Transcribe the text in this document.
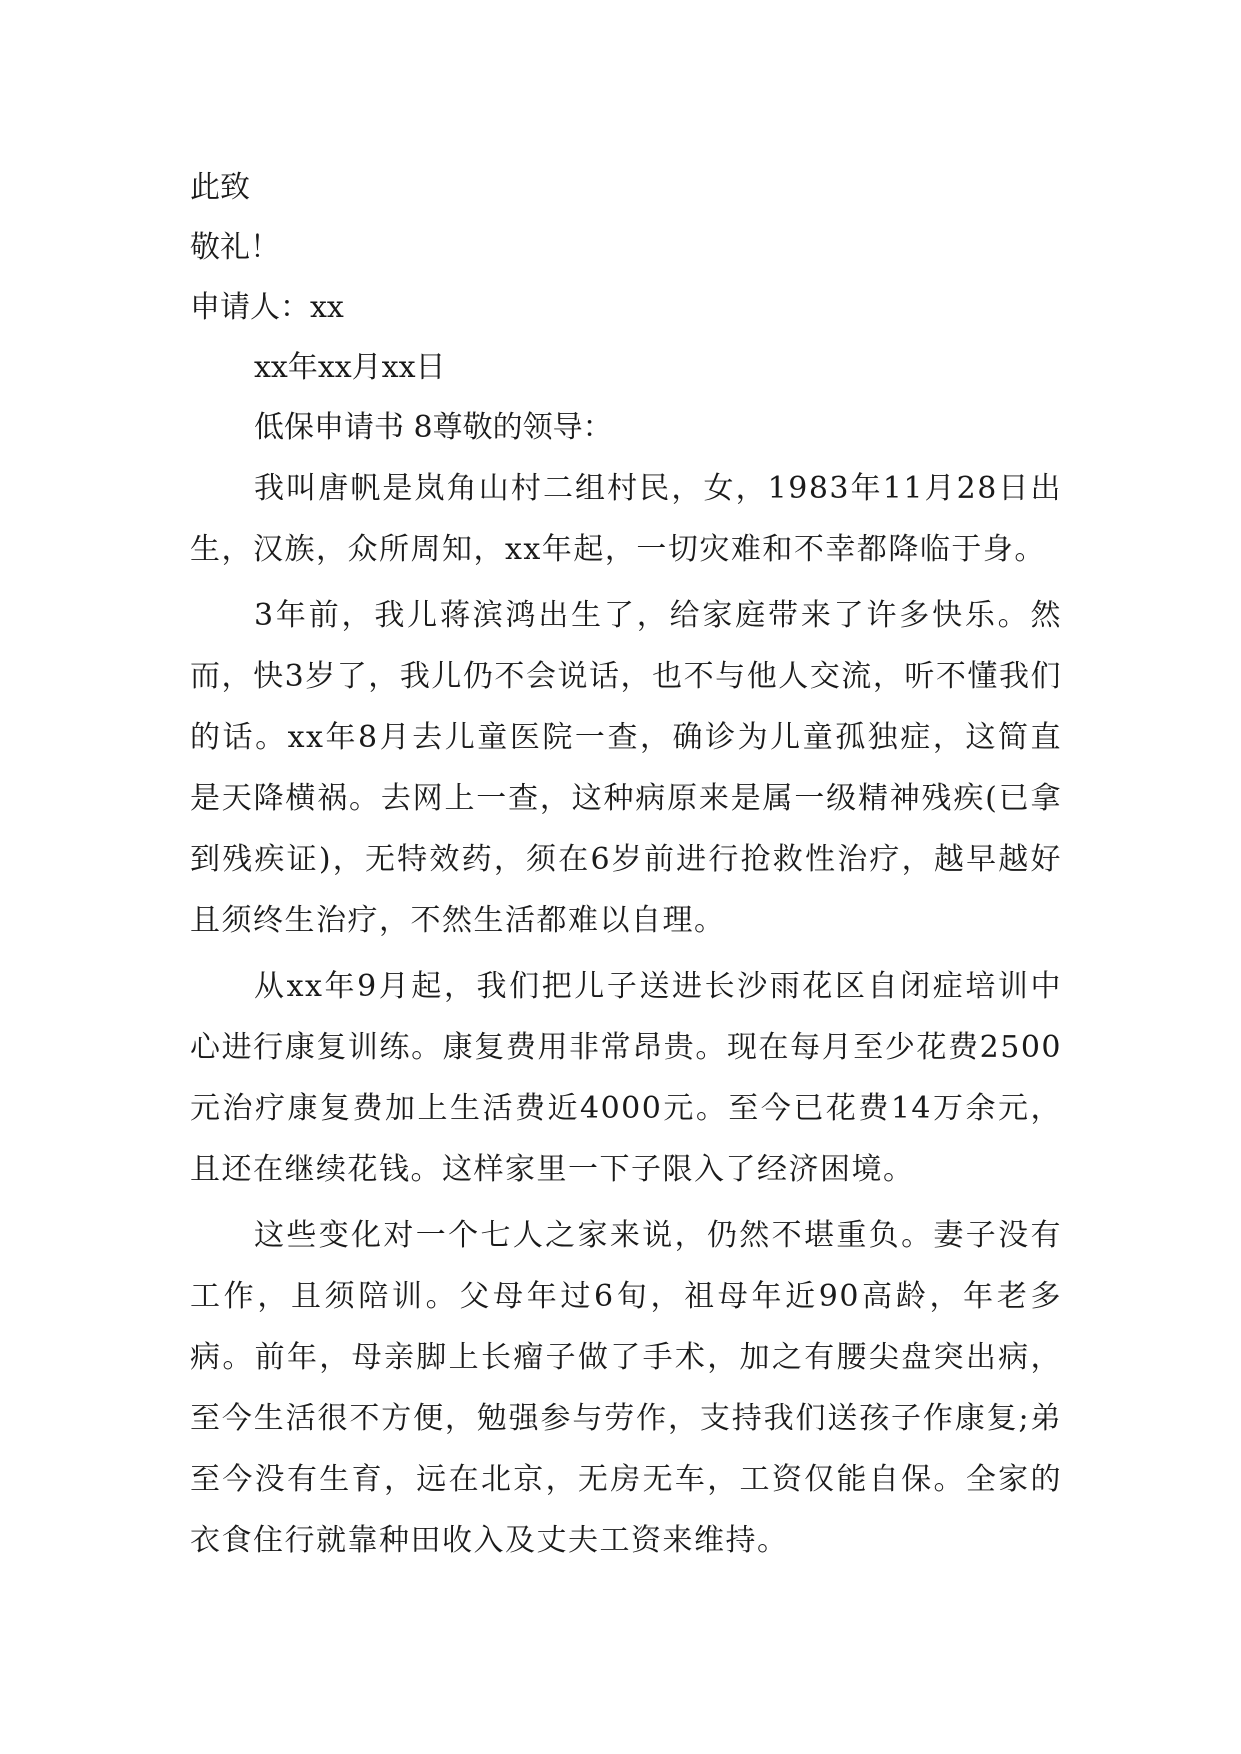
此致

敬礼！

申请人：xx

xx年xx月xx日

低保申请书 8尊敬的领导：

我叫唐帆是岚角山村二组村民，女，1983年11月28日出生，汉族，众所周知，xx年起，一切灾难和不幸都降临于身。

3年前，我儿蒋滨鸿出生了，给家庭带来了许多快乐。然而，快3岁了，我儿仍不会说话，也不与他人交流，听不懂我们的话。xx年8月去儿童医院一查，确诊为儿童孤独症，这简直是天降横祸。去网上一查，这种病原来是属一级精神残疾(已拿到残疾证)，无特效药，须在6岁前进行抢救性治疗，越早越好且须终生治疗，不然生活都难以自理。

从xx年9月起，我们把儿子送进长沙雨花区自闭症培训中心进行康复训练。康复费用非常昂贵。现在每月至少花费2500元治疗康复费加上生活费近4000元。至今已花费14万余元，且还在继续花钱。这样家里一下子限入了经济困境。

这些变化对一个七人之家来说，仍然不堪重负。妻子没有工作，且须陪训。父母年过6旬，祖母年近90高龄，年老多病。前年，母亲脚上长瘤子做了手术，加之有腰尖盘突出病，至今生活很不方便，勉强参与劳作，支持我们送孩子作康复;弟至今没有生育，远在北京，无房无车，工资仅能自保。全家的衣食住行就靠种田收入及丈夫工资来维持。
